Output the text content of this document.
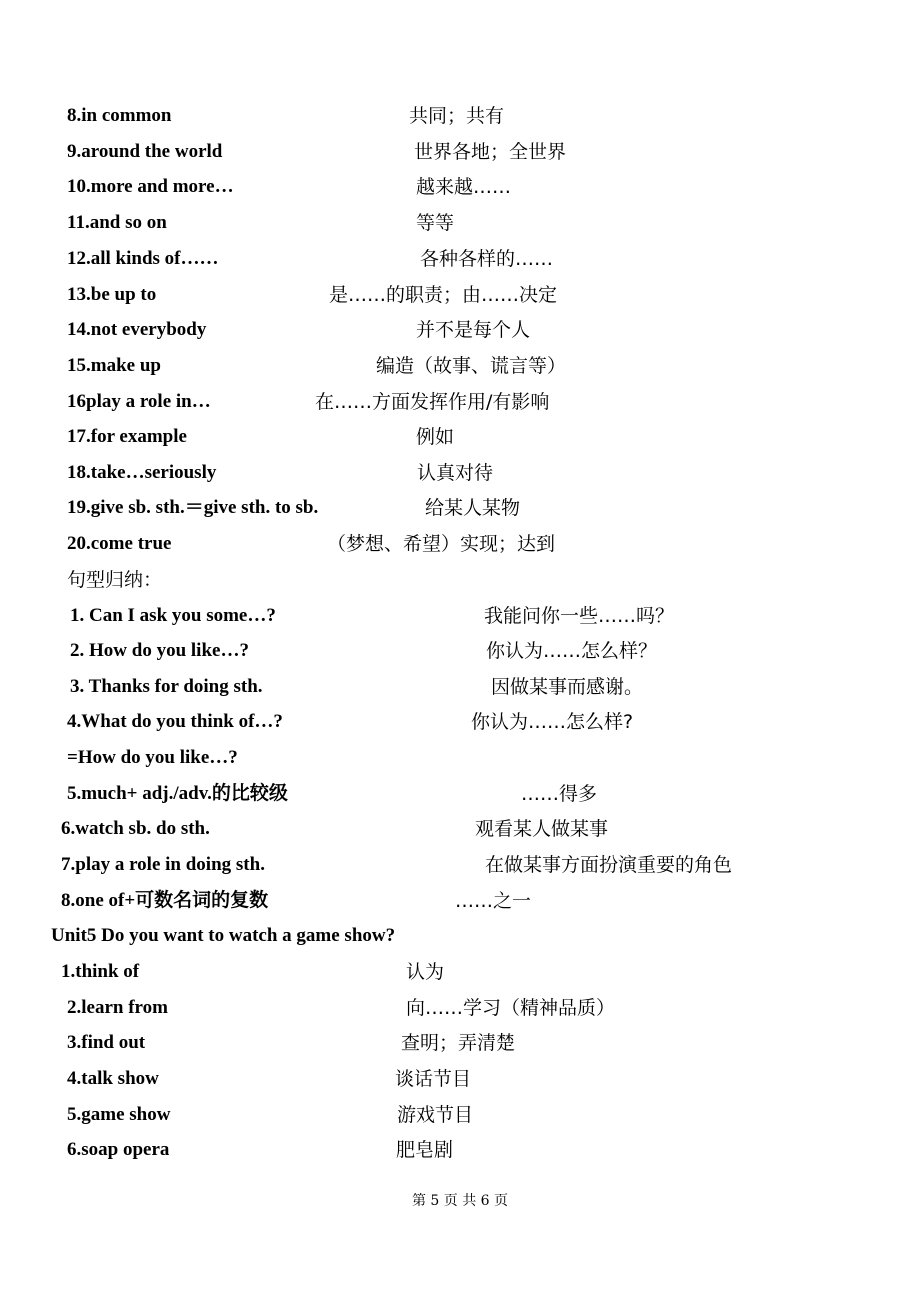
8.in common	共同；共有
9.around the world	世界各地；全世界
10.more and more…	越来越……
11.and so on	等等
12.all kinds of……	各种各样的……
13.be up to	是……的职责；由……决定
14.not everybody	并不是每个人
15.make up	编造（故事、谎言等）
16play a role in…	在……方面发挥作用/有影响
17.for example	例如
18.take…seriously	认真对待
19.give sb. sth.＝give sth. to sb.	给某人某物
20.come true	（梦想、希望）实现；达到
句型归纳：
1. Can I ask you some…?	我能问你一些……吗？
2. How do you like…?	你认为……怎么样？
3. Thanks for doing sth.	因做某事而感谢。
4.What do you think of…?	你认为……怎么样?
=How do you like…?
5.much+ adj./adv.的比较级	……得多
6.watch sb. do sth.	观看某人做某事
7.play a role in doing sth.	在做某事方面扮演重要的角色
8.one of+可数名词的复数	……之一
Unit5 Do you want to watch a game show?
1.think of	认为
2.learn from	向……学习（精神品质）
3.find out	查明；弄清楚
4.talk show	谈话节目
5.game show	游戏节目
6.soap opera	肥皂剧
第 5 页 共 6 页
